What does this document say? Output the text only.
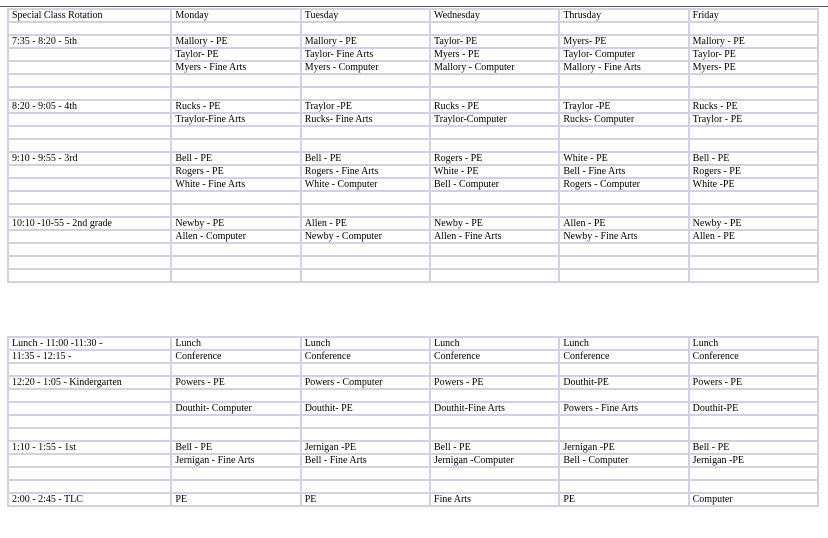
Special Class Rotation	Monday	Tuesday	Wednesday	Thrusday	Friday

7:35 - 8:20 - 5th	Mallory - PE	Mallory - PE	Taylor- PE	Myers- PE	Mallory - PE
	Taylor- PE	Taylor- Fine Arts	Myers - PE	Taylor- Computer	Taylor- PE
	Myers - Fine Arts	Myers - Computer	Mallory - Computer	Mallory - Fine Arts	Myers- PE

8:20 - 9:05 - 4th	Rucks - PE	Traylor -PE	Rucks - PE	Traylor -PE	Rucks - PE
	Traylor-Fine Arts	Rucks- Fine Arts	Traylor-Computer	Rucks- Computer	Traylor - PE

9:10 - 9:55 - 3rd	Bell - PE	Bell - PE	Rogers - PE	White - PE	Bell - PE
	Rogers - PE	Rogers - Fine Arts	White - PE	Bell - Fine Arts	Rogers - PE
	White - Fine Arts	White - Computer	Bell - Computer	Rogers - Computer	White -PE

10:10 -10-55 - 2nd grade	Newby - PE	Allen - PE	Newby - PE	Allen - PE	Newby - PE
	Allen - Computer	Newby - Computer	Allen - Fine Arts	Newby - Fine Arts	Allen - PE

Lunch - 11:00 -11:30 -	Lunch	Lunch	Lunch	Lunch	Lunch
11:35 - 12:15 -	Conference	Conference	Conference	Conference	Conference

12:20 - 1:05 - Kindergarten	Powers - PE	Powers - Computer	Powers - PE	Douthit-PE	Powers - PE

	Douthit- Computer	Douthit- PE	Douthit-Fine Arts	Powers - Fine Arts	Douthit-PE

1:10 - 1:55 - 1st	Bell - PE	Jernigan -PE	Bell - PE	Jernigan -PE	Bell - PE
	Jernigan - Fine Arts	Bell - Fine Arts	Jernigan -Computer	Bell - Computer	Jernigan -PE

2:00 - 2:45 - TLC	PE	PE	Fine Arts	PE	Computer
